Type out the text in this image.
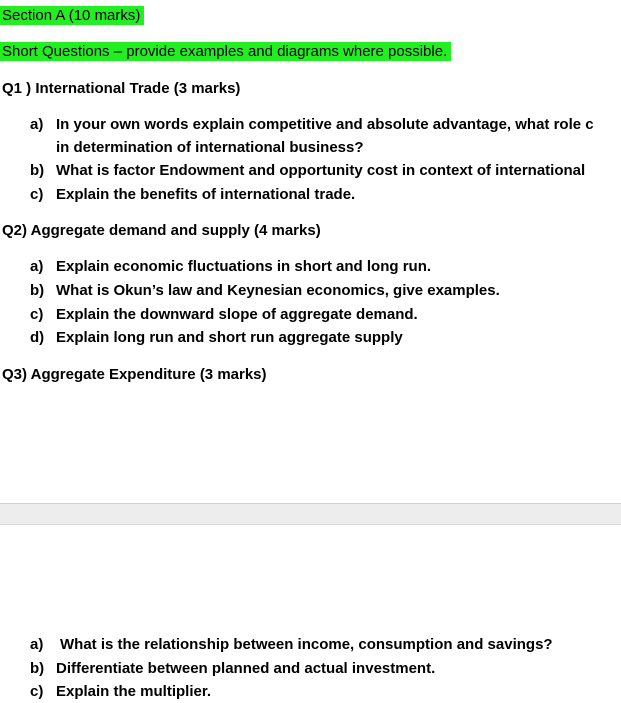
Section A (10 marks)
Short Questions – provide examples and diagrams where possible.
Q1 ) International Trade (3 marks)
a) In your own words explain competitive and absolute advantage, what role c
in determination of international business?
b) What is factor Endowment and opportunity cost in context of international
c) Explain the benefits of international trade.
Q2) Aggregate demand and supply (4 marks)
a) Explain economic fluctuations in short and long run.
b) What is Okun’s law and Keynesian economics, give examples.
c) Explain the downward slope of aggregate demand.
d) Explain long run and short run aggregate supply
Q3) Aggregate Expenditure (3 marks)
a) What is the relationship between income, consumption and savings?
b) Differentiate between planned and actual investment.
c) Explain the multiplier.
